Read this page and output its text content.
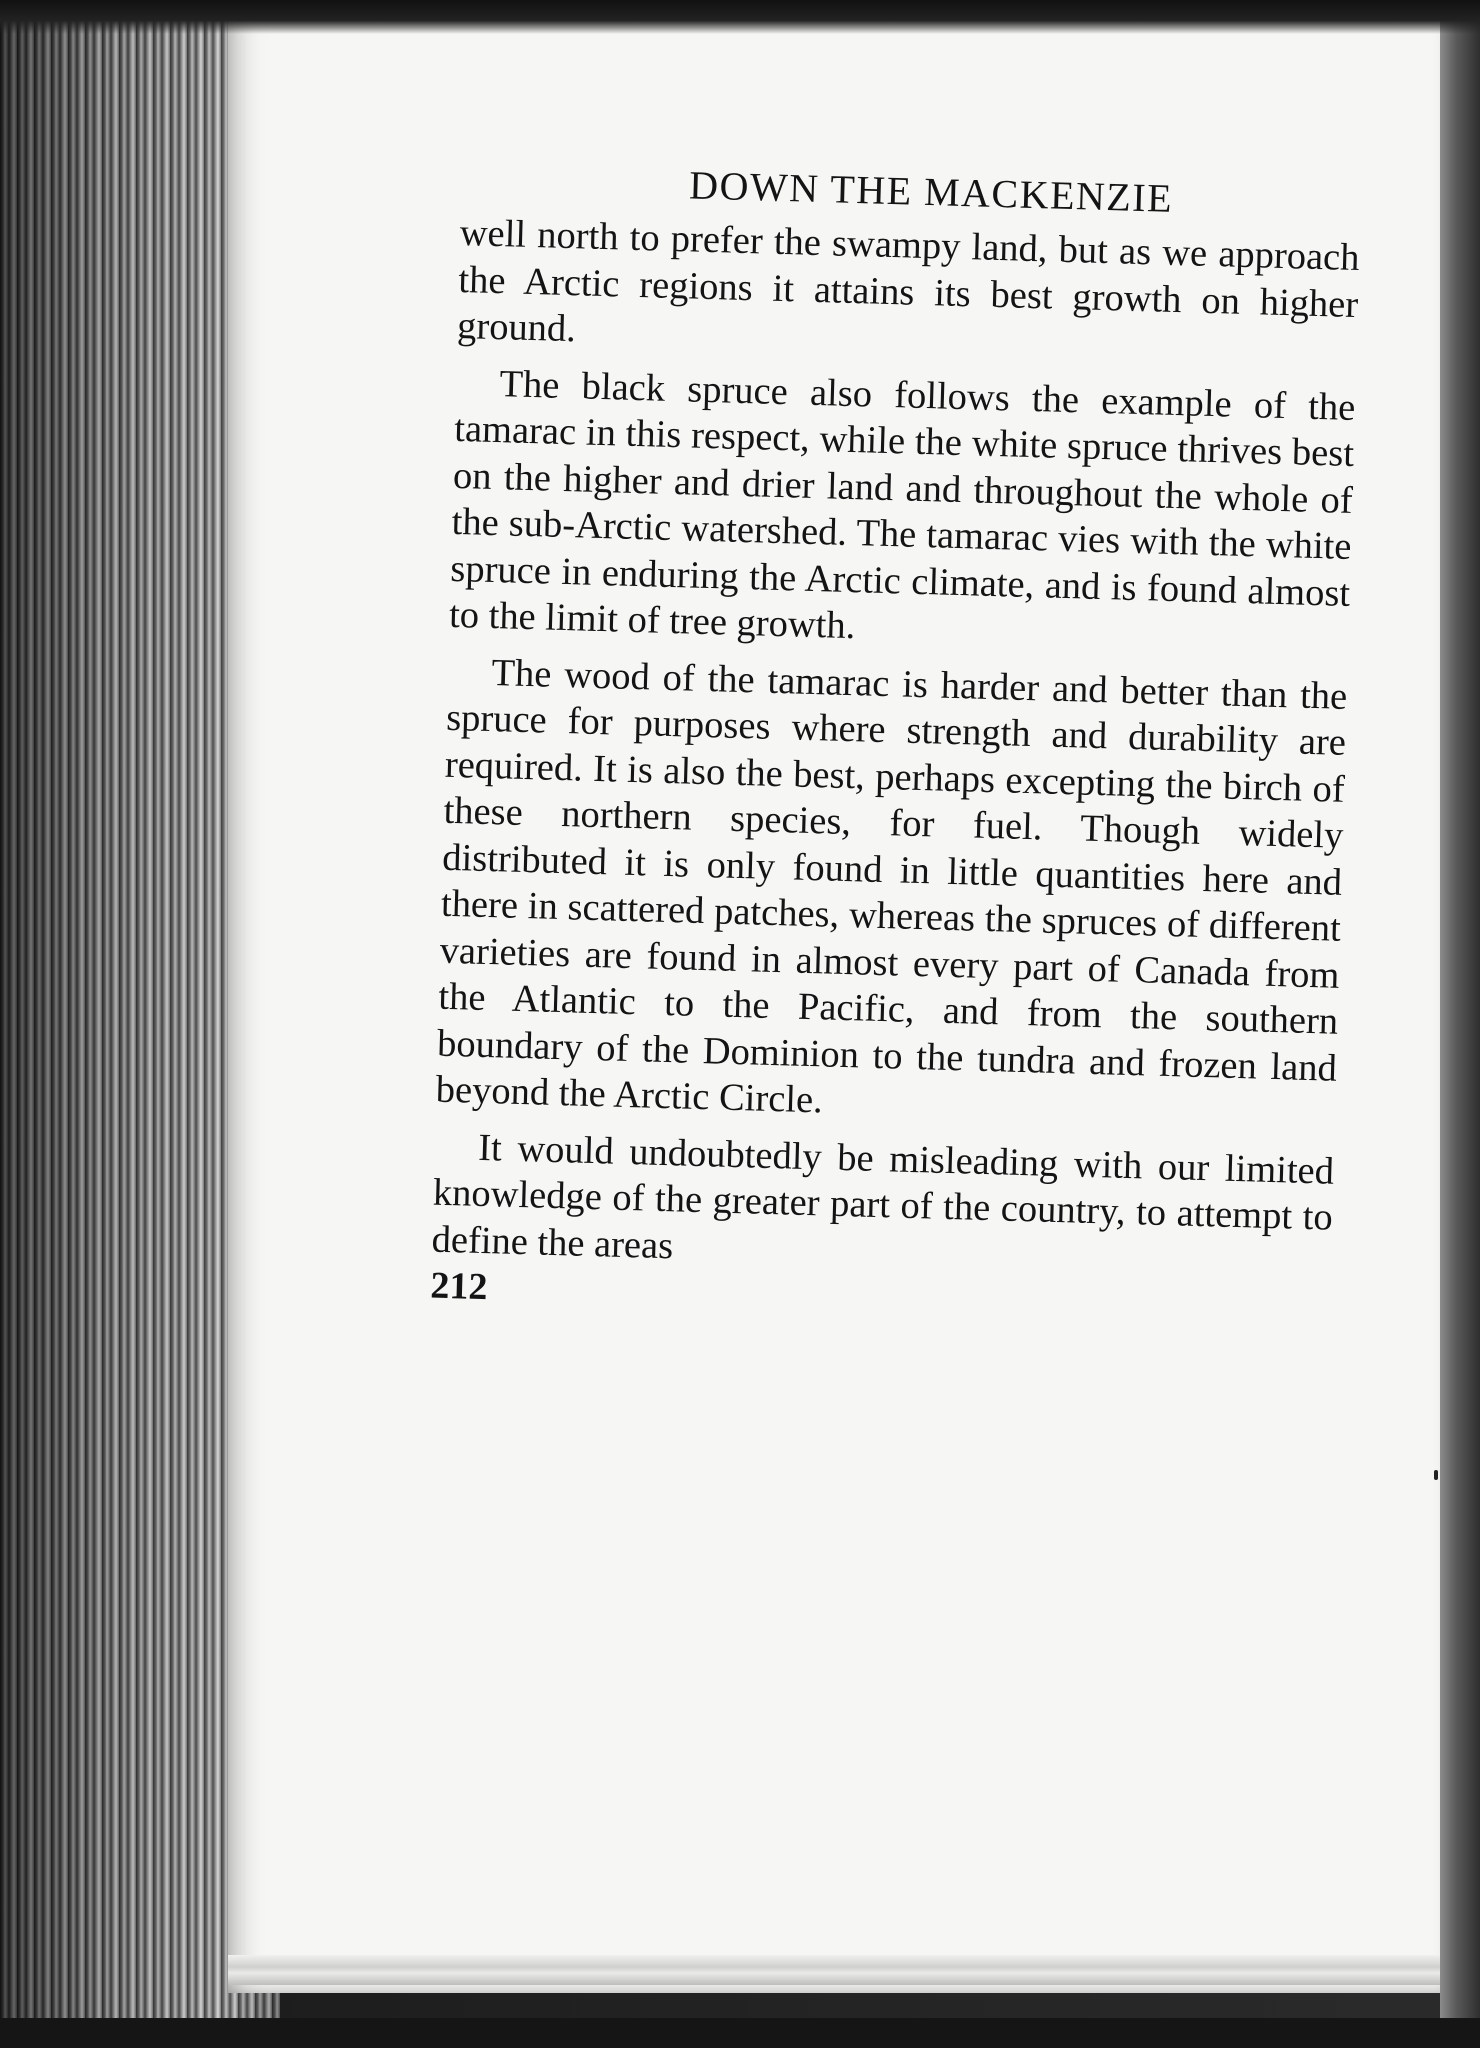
DOWN THE MACKENZIE

well north to prefer the swampy land, but as we approach the Arctic regions it attains its best growth on higher ground.

The black spruce also follows the example of the tamarac in this respect, while the white spruce thrives best on the higher and drier land and throughout the whole of the sub-Arctic watershed. The tamarac vies with the white spruce in enduring the Arctic climate, and is found almost to the limit of tree growth.

The wood of the tamarac is harder and better than the spruce for purposes where strength and durability are required. It is also the best, perhaps excepting the birch of these northern species, for fuel. Though widely distributed it is only found in little quantities here and there in scattered patches, whereas the spruces of different varieties are found in almost every part of Canada from the Atlantic to the Pacific, and from the southern boundary of the Dominion to the tundra and frozen land beyond the Arctic Circle.

It would undoubtedly be misleading with our limited knowledge of the greater part of the country, to attempt to define the areas

212
